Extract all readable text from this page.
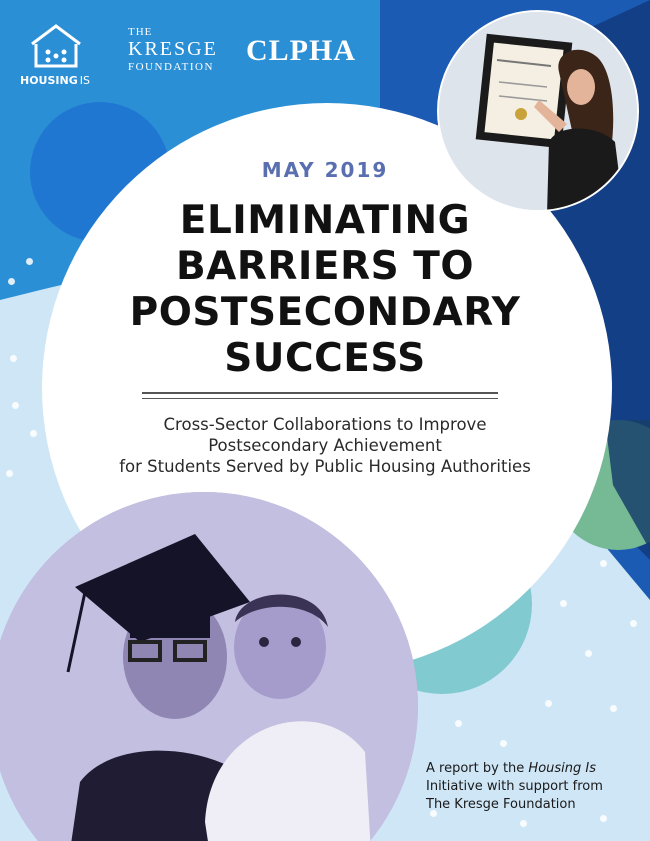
HOUSING IS
THE
KRESGE
FOUNDATION	CLPHA
MAY 2019
ELIMINATING
BARRIERS TO
POSTSECONDARY
SUCCESS
Cross-Sector Collaborations to Improve
Postsecondary Achievement
for Students Served by Public Housing Authorities
A report by the Housing Is
Initiative with support from
The Kresge Foundation
